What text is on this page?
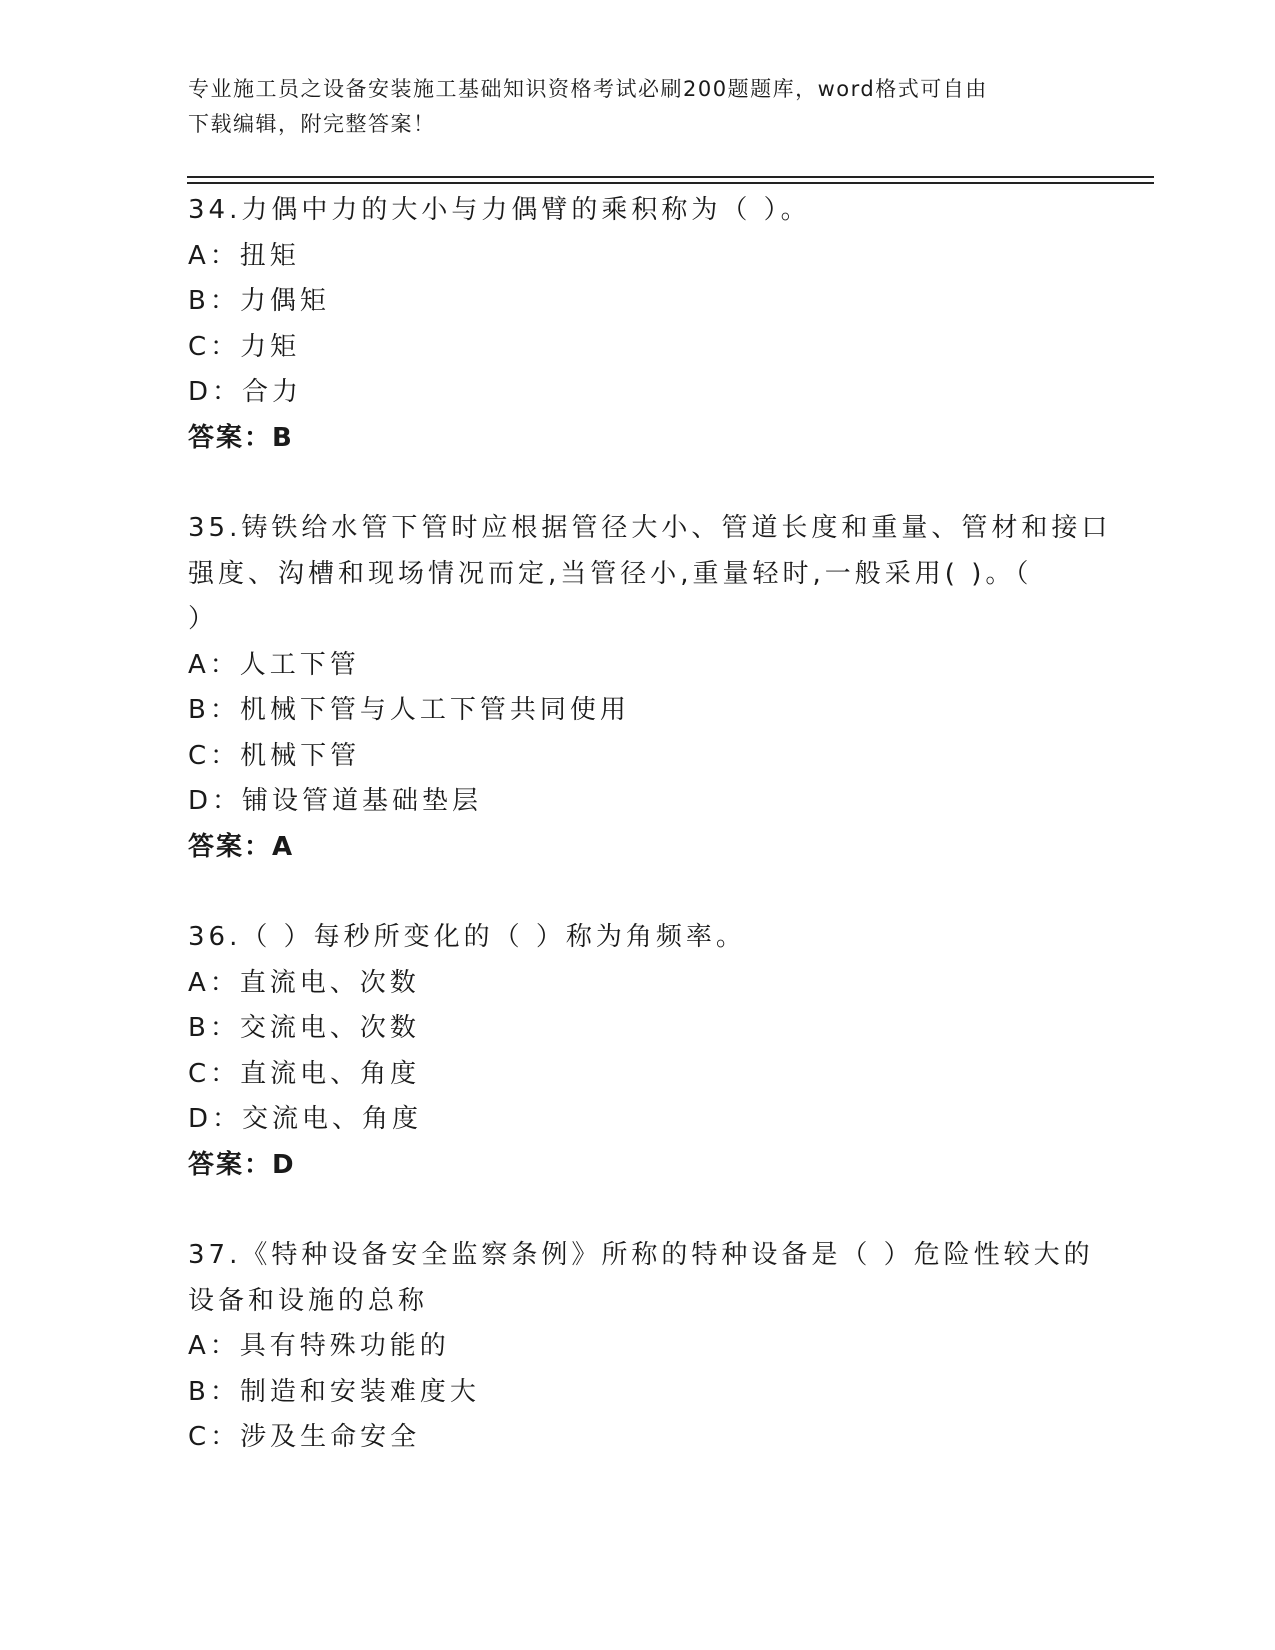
专业施工员之设备安装施工基础知识资格考试必刷200题题库，word格式可自由
下载编辑，附完整答案！
34.力偶中力的大小与力偶臂的乘积称为（ ）。
A：扭矩
B：力偶矩
C：力矩
D：合力
答案：B
35.铸铁给水管下管时应根据管径大小、管道长度和重量、管材和接口
强度、沟槽和现场情况而定,当管径小,重量轻时,一般采用( )。（
）
A：人工下管
B：机械下管与人工下管共同使用
C：机械下管
D：铺设管道基础垫层
答案：A
36.（ ）每秒所变化的（ ）称为角频率。
A：直流电、次数
B：交流电、次数
C：直流电、角度
D：交流电、角度
答案：D
37.《特种设备安全监察条例》所称的特种设备是（ ）危险性较大的
设备和设施的总称
A：具有特殊功能的
B：制造和安装难度大
C：涉及生命安全
